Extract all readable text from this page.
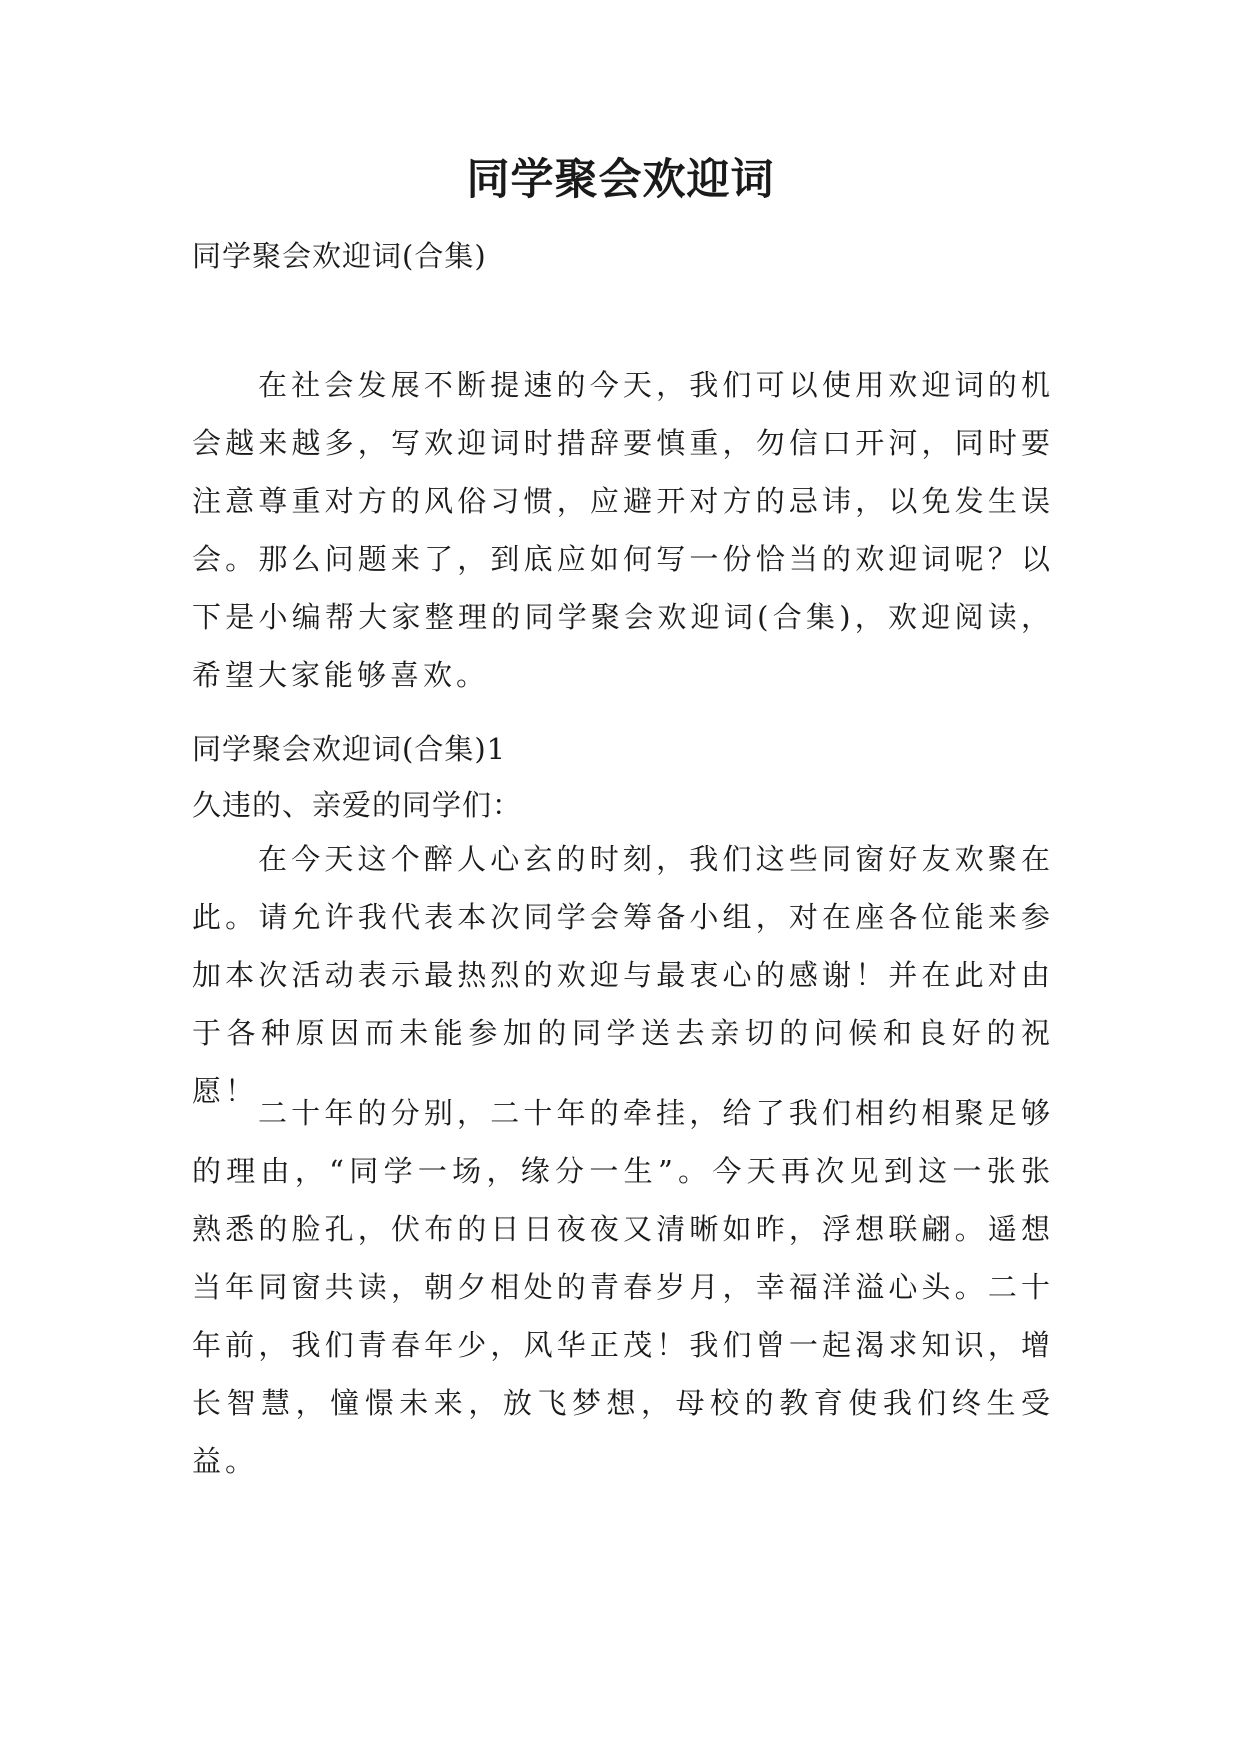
同学聚会欢迎词

同学聚会欢迎词(合集)

在社会发展不断提速的今天，我们可以使用欢迎词的机会越来越多，写欢迎词时措辞要慎重，勿信口开河，同时要注意尊重对方的风俗习惯，应避开对方的忌讳，以免发生误会。那么问题来了，到底应如何写一份恰当的欢迎词呢？以下是小编帮大家整理的同学聚会欢迎词(合集)，欢迎阅读，希望大家能够喜欢。

同学聚会欢迎词(合集)1

久违的、亲爱的同学们：

在今天这个醉人心玄的时刻，我们这些同窗好友欢聚在此。请允许我代表本次同学会筹备小组，对在座各位能来参加本次活动表示最热烈的欢迎与最衷心的感谢！并在此对由于各种原因而未能参加的同学送去亲切的问候和良好的祝愿！

二十年的分别，二十年的牵挂，给了我们相约相聚足够的理由，“同学一场，缘分一生”。今天再次见到这一张张熟悉的脸孔，伏布的日日夜夜又清晰如昨，浮想联翩。遥想当年同窗共读，朝夕相处的青春岁月，幸福洋溢心头。二十年前，我们青春年少，风华正茂！我们曾一起渴求知识，增长智慧，憧憬未来，放飞梦想，母校的教育使我们终生受益。
